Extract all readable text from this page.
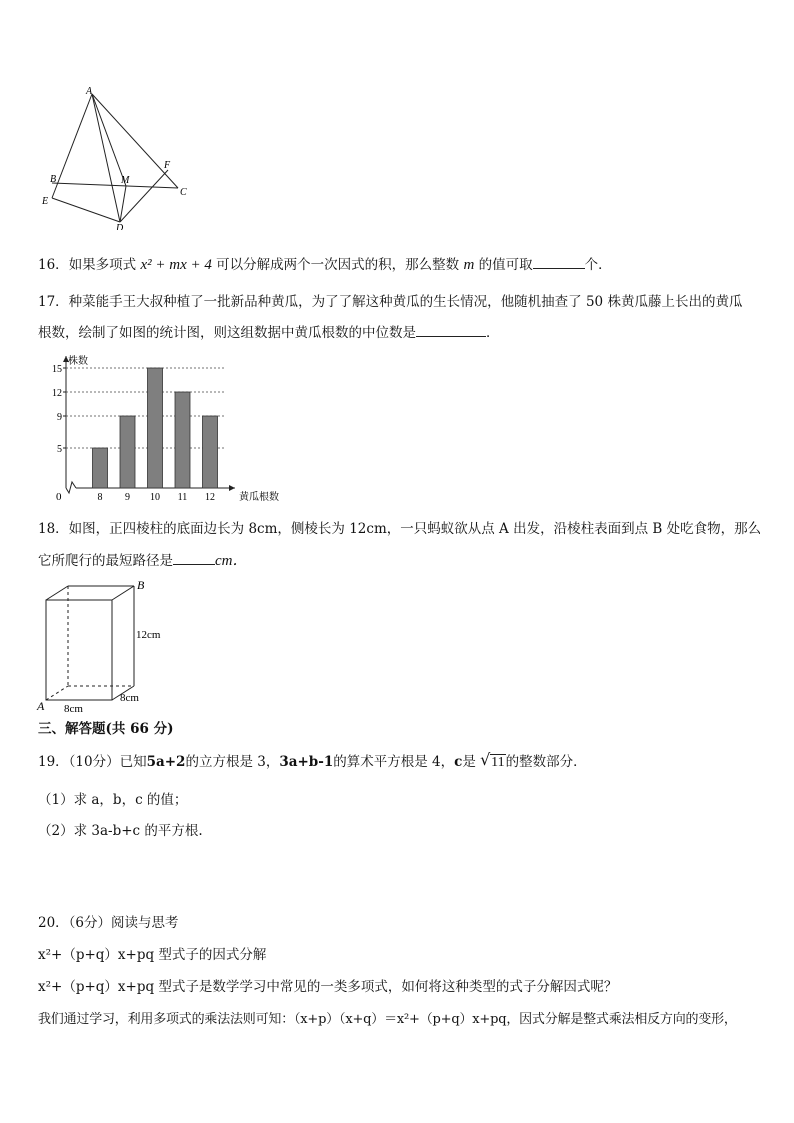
A
B
E
M
F
C
D
16．如果多项式 x² + mx + 4 可以分解成两个一次因式的积，那么整数 m 的值可取	个．
17．种菜能手王大叔种植了一批新品种黄瓜，为了了解这种黄瓜的生长情况，他随机抽查了 50 株黄瓜藤上长出的黄瓜
根数，绘制了如图的统计图，则这组数据中黄瓜根数的中位数是	．
0
株数
黄瓜根数
5
9
12
15
8 9 10 11 12
18．如图，正四棱柱的底面边长为 8cm，侧棱长为 12cm，一只蚂蚁欲从点 A 出发，沿棱柱表面到点 B 处吃食物，那么
它所爬行的最短路径是	cm．
B
A
12cm
8cm
8cm
三、解答题(共 66 分)
19．（10分）已知5a+2的立方根是 3，3a+b-1的算术平方根是 4，c是 √ 11的整数部分．
（1）求 a，b，c 的值；
（2）求 3a-b+c 的平方根.
20．（6分）阅读与思考
x²+（p+q）x+pq 型式子的因式分解
x²+（p+q）x+pq 型式子是数学学习中常见的一类多项式，如何将这种类型的式子分解因式呢？
我们通过学习，利用多项式的乘法法则可知：（x+p）（x+q）＝x²+（p+q）x+pq，因式分解是整式乘法相反方向的变形，
